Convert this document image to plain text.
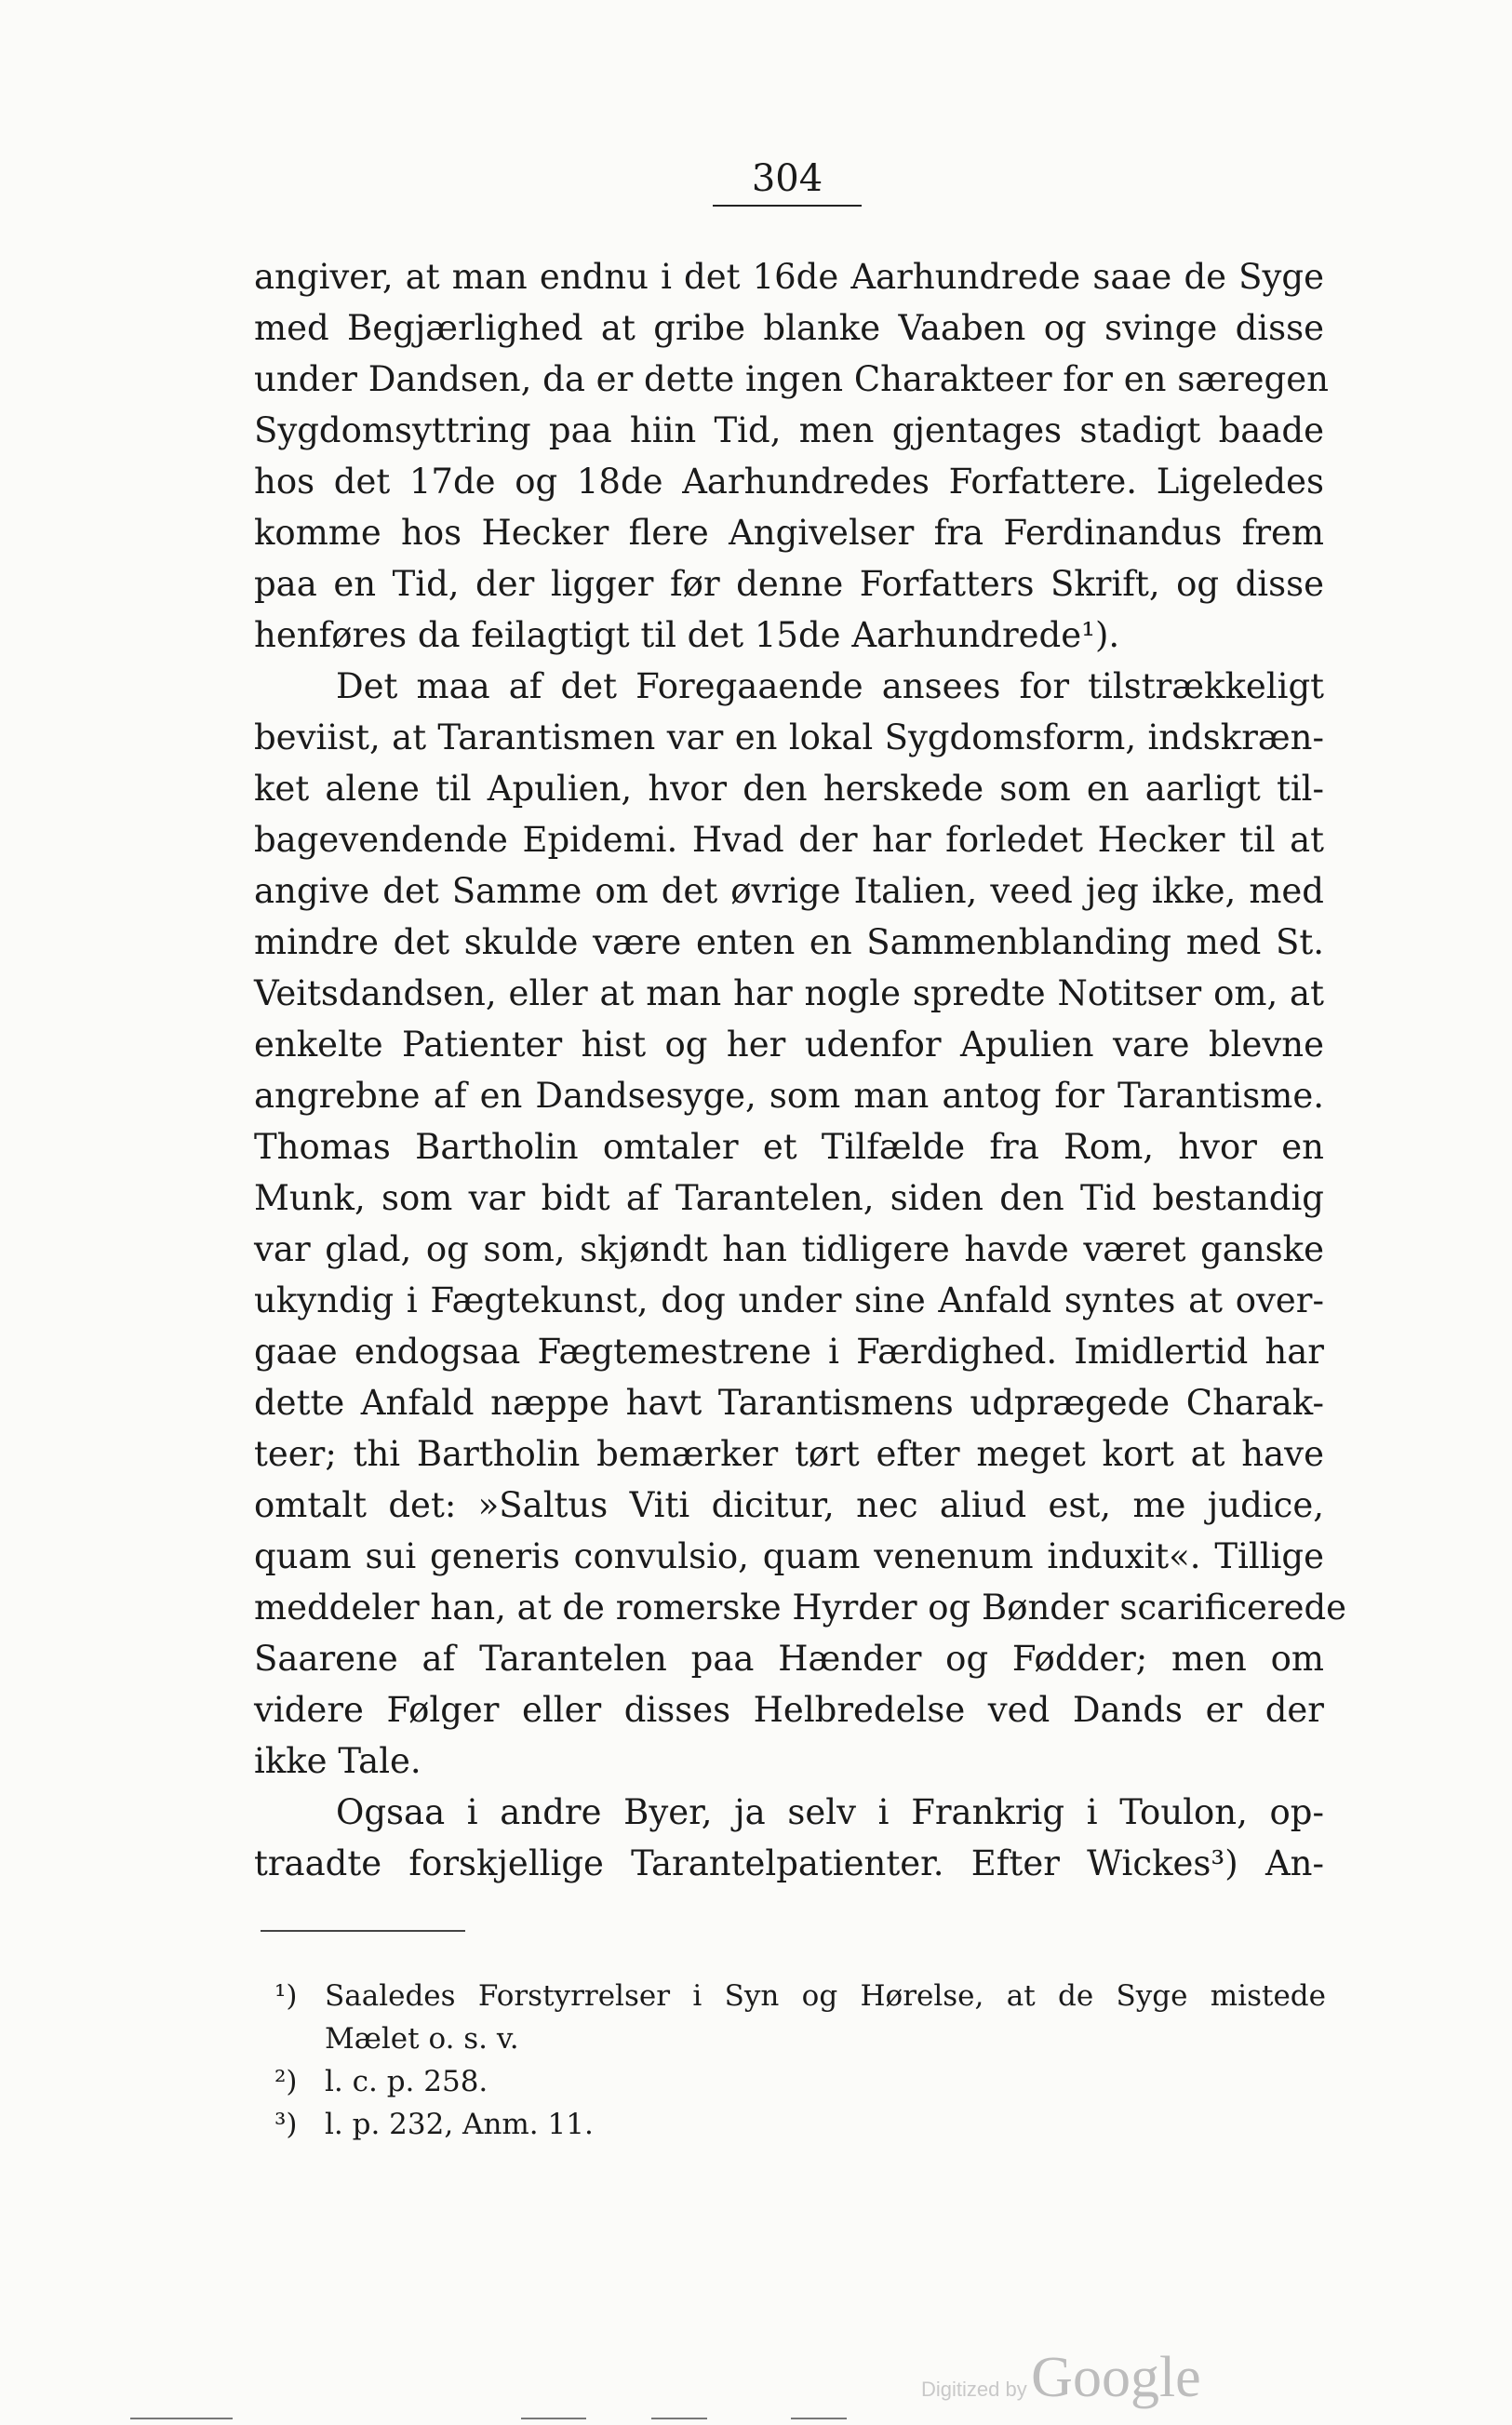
304
angiver, at man endnu i det 16de Aarhundrede saae de Syge
med Begjærlighed at gribe blanke Vaaben og svinge disse
under Dandsen, da er dette ingen Charakteer for en særegen
Sygdomsyttring paa hiin Tid, men gjentages stadigt baade
hos det 17de og 18de Aarhundredes Forfattere. Ligeledes
komme hos Hecker flere Angivelser fra Ferdinandus frem
paa en Tid, der ligger før denne Forfatters Skrift, og disse
henføres da feilagtigt til det 15de Aarhundrede¹).
Det maa af det Foregaaende ansees for tilstrækkeligt
beviist, at Tarantismen var en lokal Sygdomsform, indskræn-
ket alene til Apulien, hvor den herskede som en aarligt til-
bagevendende Epidemi. Hvad der har forledet Hecker til at
angive det Samme om det øvrige Italien, veed jeg ikke, med
mindre det skulde være enten en Sammenblanding med St.
Veitsdandsen, eller at man har nogle spredte Notitser om, at
enkelte Patienter hist og her udenfor Apulien vare blevne
angrebne af en Dandsesyge, som man antog for Tarantisme.
Thomas Bartholin omtaler et Tilfælde fra Rom, hvor en
Munk, som var bidt af Tarantelen, siden den Tid bestandig
var glad, og som, skjøndt han tidligere havde været ganske
ukyndig i Fægtekunst, dog under sine Anfald syntes at over-
gaae endogsaa Fægtemestrene i Færdighed. Imidlertid har
dette Anfald næppe havt Tarantismens udprægede Charak-
teer; thi Bartholin bemærker tørt efter meget kort at have
omtalt det: »Saltus Viti dicitur, nec aliud est, me judice,
quam sui generis convulsio, quam venenum induxit«. Tillige
meddeler han, at de romerske Hyrder og Bønder scarificerede
Saarene af Tarantelen paa Hænder og Fødder; men om
videre Følger eller disses Helbredelse ved Dands er der
ikke Tale.
Ogsaa i andre Byer, ja selv i Frankrig i Toulon, op-
traadte forskjellige Tarantelpatienter. Efter Wickes³) An-
¹) Saaledes Forstyrrelser i Syn og Hørelse, at de Syge mistede
Mælet o. s. v.
²) l. c. p. 258.
³) l. p. 232, Anm. 11.
Digitized by Google
